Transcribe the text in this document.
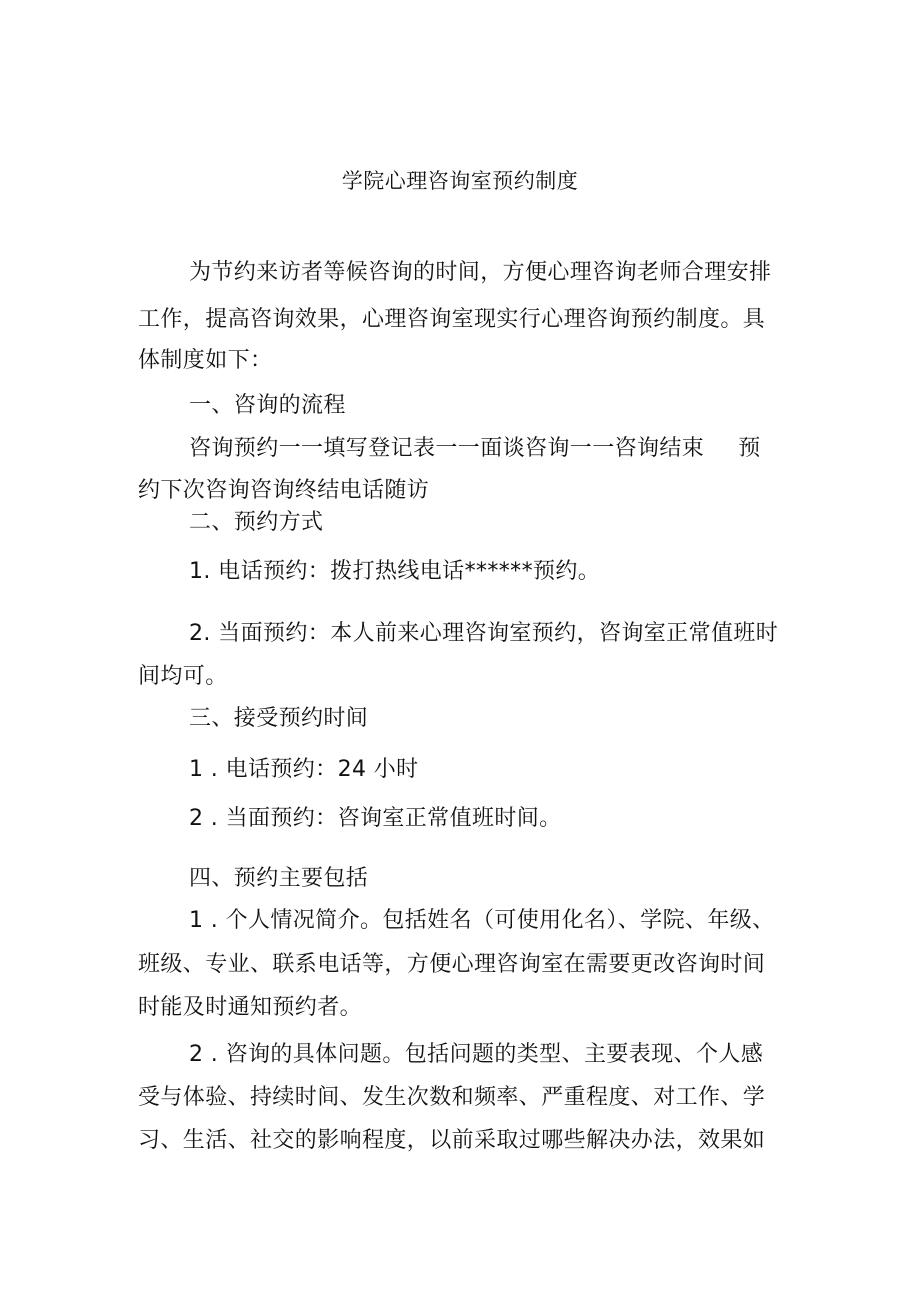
学院心理咨询室预约制度
为节约来访者等候咨询的时间，方便心理咨询老师合理安排
工作，提高咨询效果，心理咨询室现实行心理咨询预约制度。具
体制度如下：
一、咨询的流程
咨询预约一一填写登记表一一面谈咨询一一咨询结束 预
约下次咨询咨询终结电话随访
二、预约方式
1. 电话预约：拨打热线电话******预约。
2. 当面预约：本人前来心理咨询室预约，咨询室正常值班时
间均可。
三、接受预约时间
1 . 电话预约：24 小时
2 . 当面预约：咨询室正常值班时间。
四、预约主要包括
1 . 个人情况简介。包括姓名（可使用化名）、学院、年级、
班级、专业、联系电话等，方便心理咨询室在需要更改咨询时间
时能及时通知预约者。
2 . 咨询的具体问题。包括问题的类型、主要表现、个人感
受与体验、持续时间、发生次数和频率、严重程度、对工作、学
习、生活、社交的影响程度，以前采取过哪些解决办法，效果如
